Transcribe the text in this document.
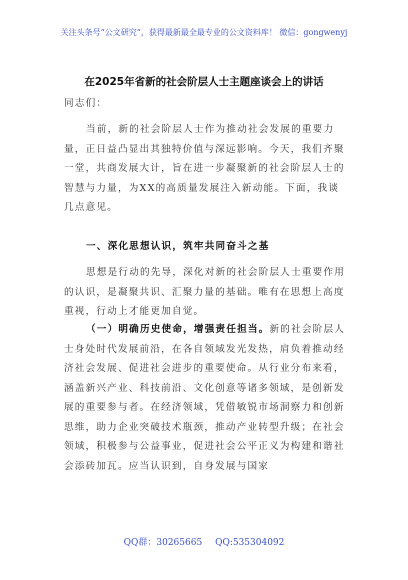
关注头条号“公文研究”，获得最新最全最专业的公文资料库！ 微信：gongwenyj
在2025年省新的社会阶层人士主题座谈会上的讲话
同志们：
当前，新的社会阶层人士作为推动社会发展的重要力量，正日益凸显出其独特价值与深远影响。今天，我们齐聚一堂，共商发展大计，旨在进一步凝聚新的社会阶层人士的智慧与力量，为XX的高质量发展注入新动能。下面，我谈几点意见。
一、深化思想认识，筑牢共同奋斗之基
思想是行动的先导，深化对新的社会阶层人士重要作用的认识，是凝聚共识、汇聚力量的基础。唯有在思想上高度重视，行动上才能更加自觉。
（一）明确历史使命，增强责任担当。新的社会阶层人士身处时代发展前沿，在各自领域发光发热，肩负着推动经济社会发展、促进社会进步的重要使命。从行业分布来看，涵盖新兴产业、科技前沿、文化创意等诸多领域，是创新发展的重要参与者。在经济领域，凭借敏锐市场洞察力和创新思维，助力企业突破技术瓶颈，推动产业转型升级；在社会领域，积极参与公益事业，促进社会公平正义为构建和谐社会添砖加瓦。应当认识到，自身发展与国家
QQ群：30265665 QQ:535304092
